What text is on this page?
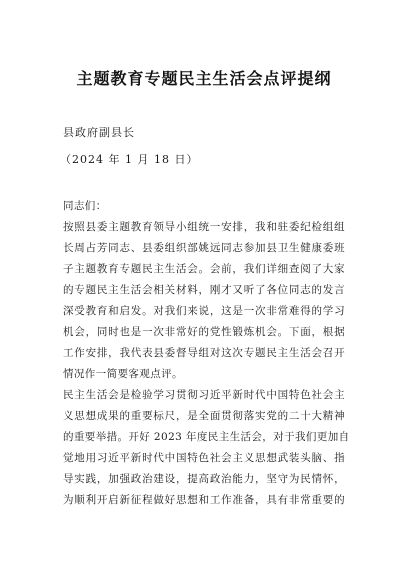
主题教育专题民主生活会点评提纲
县政府副县长
（2024 年 1 月 18 日）
同志们：
按照县委主题教育领导小组统一安排，我和驻委纪检组组
长周占芳同志、县委组织部姚远同志参加县卫生健康委班
子主题教育专题民主生活会。会前，我们详细查阅了大家
的专题民主生活会相关材料，刚才又听了各位同志的发言
深受教育和启发。对我们来说，这是一次非常难得的学习
机会，同时也是一次非常好的党性锻炼机会。下面，根据
工作安排，我代表县委督导组对这次专题民主生活会召开
情况作一简要客观点评。
民主生活会是检验学习贯彻习近平新时代中国特色社会主
义思想成果的重要标尺，是全面贯彻落实党的二十大精神
的重要举措。开好 2023 年度民主生活会，对于我们更加自
觉地用习近平新时代中国特色社会主义思想武装头脑、指
导实践，加强政治建设，提高政治能力，坚守为民情怀，
为顺利开启新征程做好思想和工作准备，具有非常重要的
